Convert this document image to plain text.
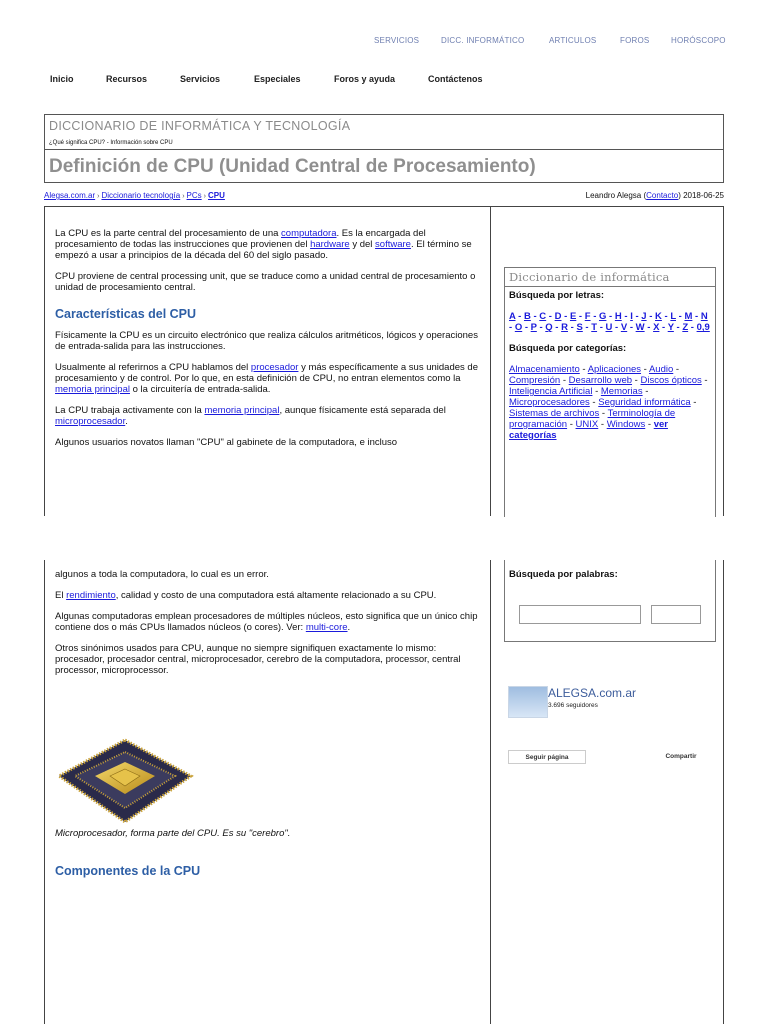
SERVICIOS	DICC. INFORMÁTICO	ARTICULOS	FOROS	HORÓSCOPO
Inicio	Recursos	Servicios	Especiales	Foros y ayuda	Contáctenos
DICCIONARIO DE INFORMÁTICA Y TECNOLOGÍA
¿Qué significa CPU? - Información sobre CPU
Definición de CPU (Unidad Central de Procesamiento)
Alegsa.com.ar › Diccionario tecnología › PCs › CPU	Leandro Alegsa (Contacto) 2018-06-25

La CPU es la parte central del procesamiento de una computadora. Es la encargada del procesamiento de todas las instrucciones que provienen del hardware y del software. El término se empezó a usar a principios de la década del 60 del siglo pasado.

CPU proviene de central processing unit, que se traduce como a unidad central de procesamiento o unidad de procesamiento central.

Características del CPU

Físicamente la CPU es un circuito electrónico que realiza cálculos aritméticos, lógicos y operaciones de entrada-salida para las instrucciones.

Usualmente al referirnos a CPU hablamos del procesador y más específicamente a sus unidades de procesamiento y de control. Por lo que, en esta definición de CPU, no entran elementos como la memoria principal o la circuitería de entrada-salida.

La CPU trabaja activamente con la memoria principal, aunque físicamente está separada del microprocesador.

Algunos usuarios novatos llaman "CPU" al gabinete de la computadora, e incluso

Diccionario de informática
Búsqueda por letras:
A - B - C - D - E - F - G - H - I - J - K - L - M - N - O - P - Q - R - S - T - U - V - W - X - Y - Z - 0,9
Búsqueda por categorías:
Almacenamiento - Aplicaciones - Audio - Compresión - Desarrollo web - Discos ópticos - Inteligencia Artificial - Memorias - Microprocesadores - Seguridad informática - Sistemas de archivos - Terminología de programación - UNIX - Windows - ver categorías

algunos a toda la computadora, lo cual es un error.

El rendimiento, calidad y costo de una computadora está altamente relacionado a su CPU.

Algunas computadoras emplean procesadores de múltiples núcleos, esto significa que un único chip contiene dos o más CPUs llamados núcleos (o cores). Ver: multi-core.

Otros sinónimos usados para CPU, aunque no siempre signifiquen exactamente lo mismo: procesador, procesador central, microprocesador, cerebro de la computadora, processor, central processor, microprocessor.

Microprocesador, forma parte del CPU. Es su "cerebro".
Componentes de la CPU
Búsqueda por palabras:
ALEGSA.com.ar
3.696 seguidores
Seguir página	Compartir
